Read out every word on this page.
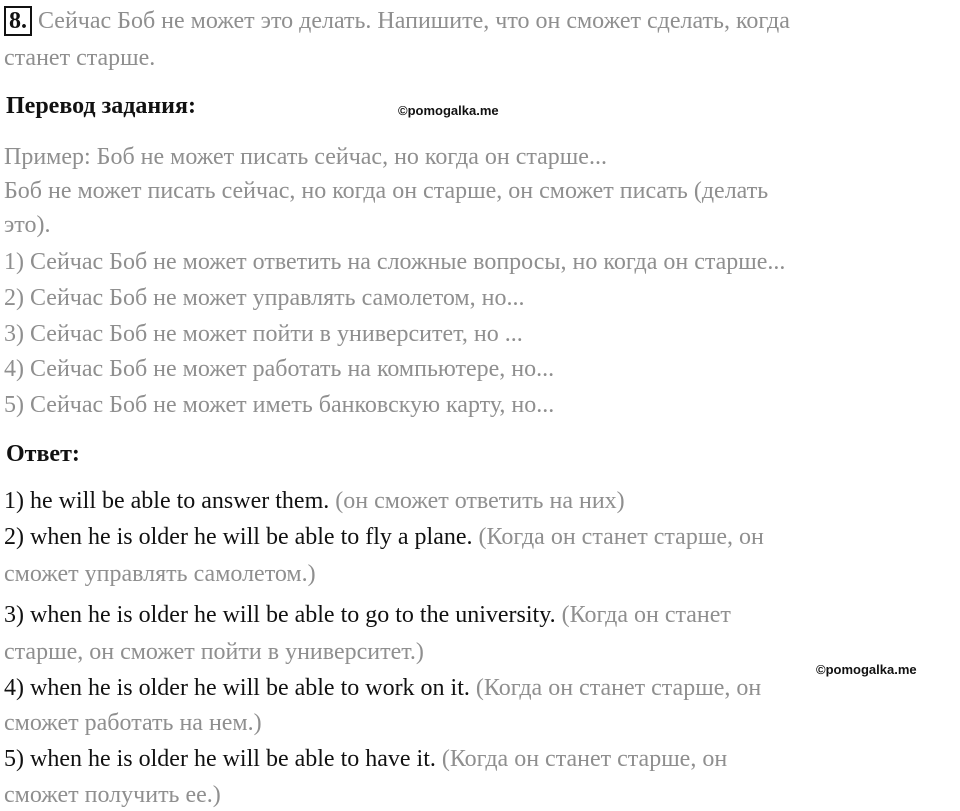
8. Сейчас Боб не может это делать. Напишите, что он сможет сделать, когда
станет старше.
Перевод задания:	©pomogalka.me
Пример: Боб не может писать сейчас, но когда он старше...
Боб не может писать сейчас, но когда он старше, он сможет писать (делать
это).
1) Сейчас Боб не может ответить на сложные вопросы, но когда он старше...
2) Сейчас Боб не может управлять самолетом, но...
3) Сейчас Боб не может пойти в университет, но ...
4) Сейчас Боб не может работать на компьютере, но...
5) Сейчас Боб не может иметь банковскую карту, но...
Ответ:
1) he will be able to answer them. (он сможет ответить на них)
2) when he is older he will be able to fly a plane. (Когда он станет старше, он
сможет управлять самолетом.)
3) when he is older he will be able to go to the university. (Когда он станет
старше, он сможет пойти в университет.)
©pomogalka.me
4) when he is older he will be able to work on it. (Когда он станет старше, он
сможет работать на нем.)
5) when he is older he will be able to have it. (Когда он станет старше, он
сможет получить ее.)
